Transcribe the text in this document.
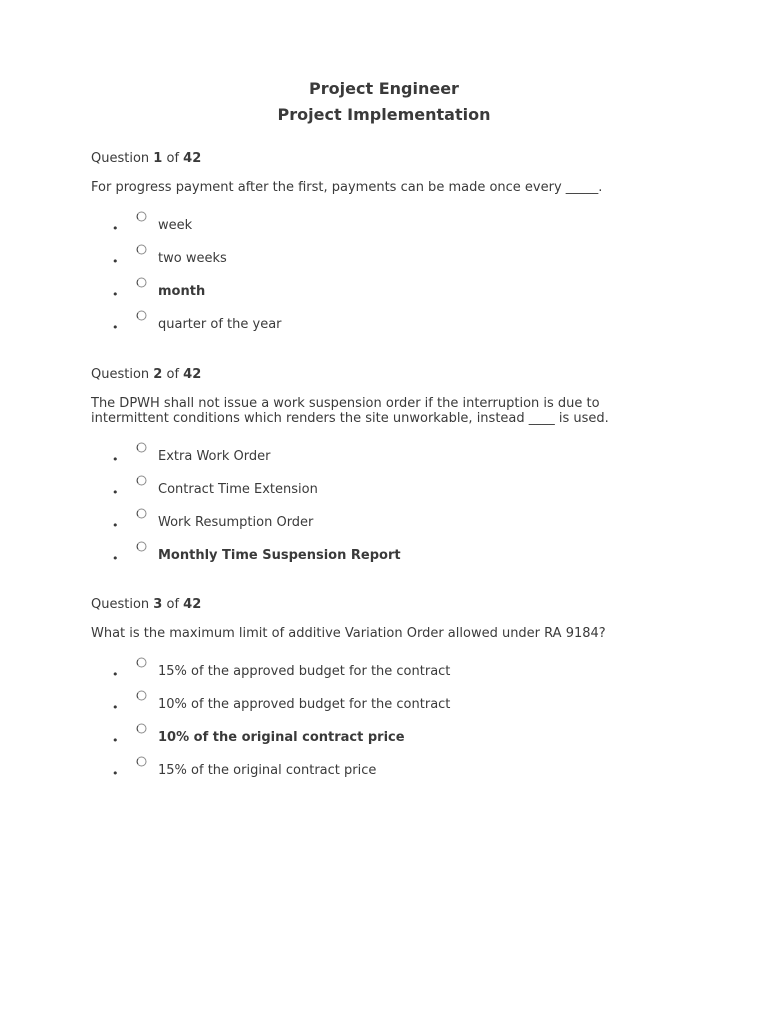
Project Engineer
Project Implementation

Question 1 of 42

For progress payment after the first, payments can be made once every _____.

•	week
•	two weeks
•	month
•	quarter of the year

Question 2 of 42

The DPWH shall not issue a work suspension order if the interruption is due to intermittent conditions which renders the site unworkable, instead ____ is used.

•	Extra Work Order
•	Contract Time Extension
•	Work Resumption Order
•	Monthly Time Suspension Report

Question 3 of 42

What is the maximum limit of additive Variation Order allowed under RA 9184?

•	15% of the approved budget for the contract
•	10% of the approved budget for the contract
•	10% of the original contract price
•	15% of the original contract price
